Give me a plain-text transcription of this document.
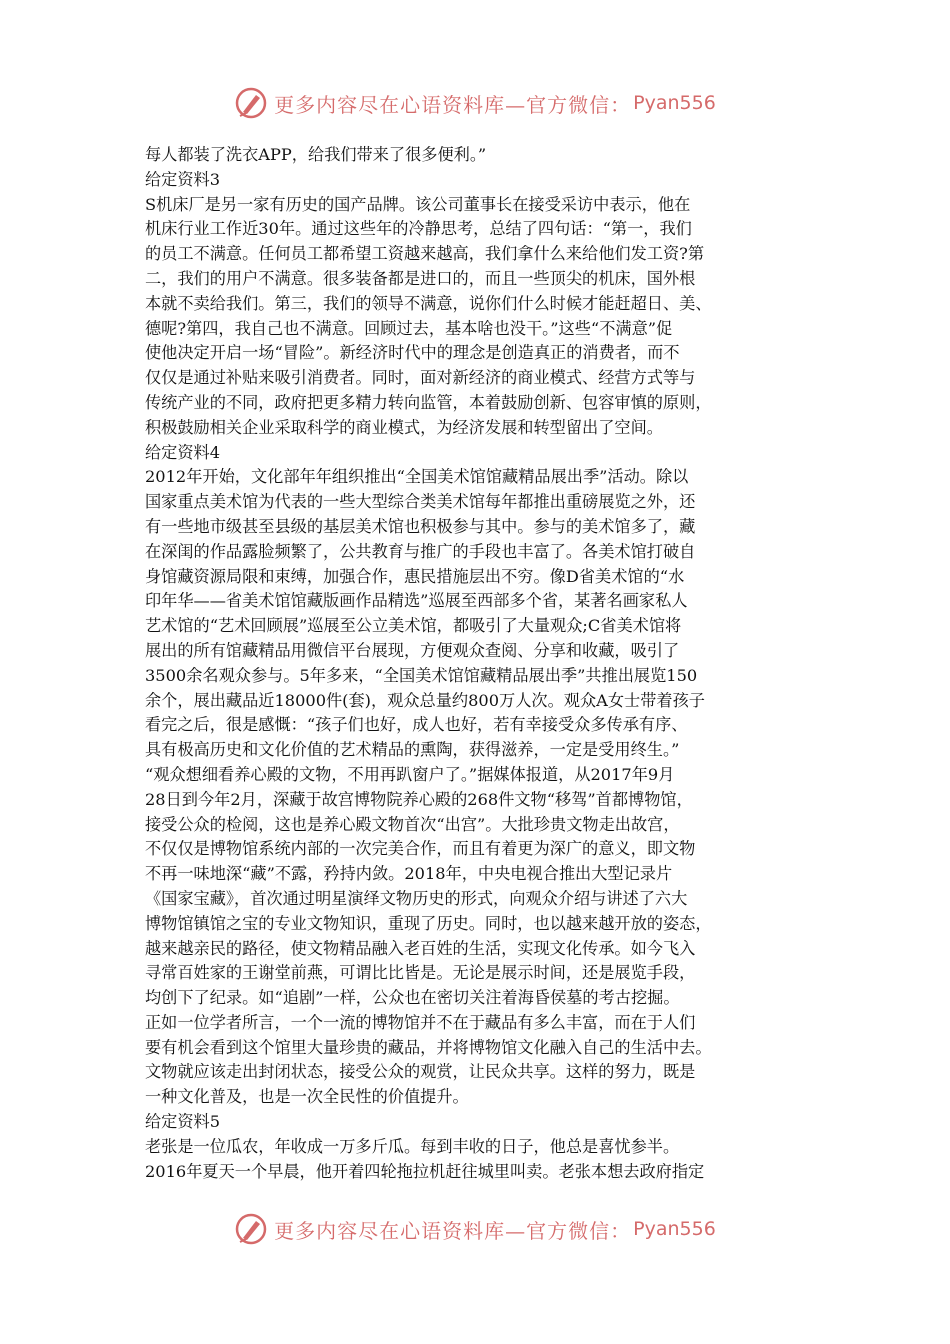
更多内容尽在心语资料库—官方微信： Pyan556
每人都装了洗衣APP，给我们带来了很多便利。”
给定资料3
S机床厂是另一家有历史的国产品牌。该公司董事长在接受采访中表示，他在
机床行业工作近30年。通过这些年的冷静思考，总结了四句话：“第一，我们
的员工不满意。任何员工都希望工资越来越高，我们拿什么来给他们发工资?第
二，我们的用户不满意。很多装备都是进口的，而且一些顶尖的机床，国外根
本就不卖给我们。第三，我们的领导不满意，说你们什么时候才能赶超日、美、
德呢?第四，我自己也不满意。回顾过去，基本啥也没干。”这些“不满意”促
使他决定开启一场“冒险”。新经济时代中的理念是创造真正的消费者，而不
仅仅是通过补贴来吸引消费者。同时，面对新经济的商业模式、经营方式等与
传统产业的不同，政府把更多精力转向监管，本着鼓励创新、包容审慎的原则，
积极鼓励相关企业采取科学的商业模式，为经济发展和转型留出了空间。
给定资料4
2012年开始，文化部年年组织推出“全国美术馆馆藏精品展出季”活动。除以
国家重点美术馆为代表的一些大型综合类美术馆每年都推出重磅展览之外，还
有一些地市级甚至县级的基层美术馆也积极参与其中。参与的美术馆多了，藏
在深闺的作品露脸频繁了，公共教育与推广的手段也丰富了。各美术馆打破自
身馆藏资源局限和束缚，加强合作，惠民措施层出不穷。像D省美术馆的“水
印年华——省美术馆馆藏版画作品精选”巡展至西部多个省，某著名画家私人
艺术馆的“艺术回顾展”巡展至公立美术馆，都吸引了大量观众;C省美术馆将
展出的所有馆藏精品用微信平台展现，方便观众查阅、分享和收藏，吸引了
3500余名观众参与。5年多来，“全国美术馆馆藏精品展出季”共推出展览150
余个，展出藏品近18000件(套)，观众总量约800万人次。观众A女士带着孩子
看完之后，很是感慨：“孩子们也好，成人也好，若有幸接受众多传承有序、
具有极高历史和文化价值的艺术精品的熏陶，获得滋养，一定是受用终生。”
“观众想细看养心殿的文物，不用再趴窗户了。”据媒体报道，从2017年9月
28日到今年2月，深藏于故宫博物院养心殿的268件文物“移驾”首都博物馆，
接受公众的检阅，这也是养心殿文物首次“出宫”。大批珍贵文物走出故宫，
不仅仅是博物馆系统内部的一次完美合作，而且有着更为深广的意义，即文物
不再一味地深“藏”不露，矜持内敛。2018年，中央电视合推出大型记录片
《国家宝藏》，首次通过明星演绎文物历史的形式，向观众介绍与讲述了六大
博物馆镇馆之宝的专业文物知识，重现了历史。同时，也以越来越开放的姿态，
越来越亲民的路径，使文物精品融入老百姓的生活，实现文化传承。如今飞入
寻常百姓家的王谢堂前燕，可谓比比皆是。无论是展示时间，还是展览手段，
均创下了纪录。如“追剧”一样，公众也在密切关注着海昏侯墓的考古挖掘。
正如一位学者所言，一个一流的博物馆并不在于藏品有多么丰富，而在于人们
要有机会看到这个馆里大量珍贵的藏品，并将博物馆文化融入自己的生活中去。
文物就应该走出封闭状态，接受公众的观赏，让民众共享。这样的努力，既是
一种文化普及，也是一次全民性的价值提升。
给定资料5
老张是一位瓜农，年收成一万多斤瓜。每到丰收的日子，他总是喜忧参半。
2016年夏天一个早晨，他开着四轮拖拉机赶往城里叫卖。老张本想去政府指定
更多内容尽在心语资料库—官方微信： Pyan556
